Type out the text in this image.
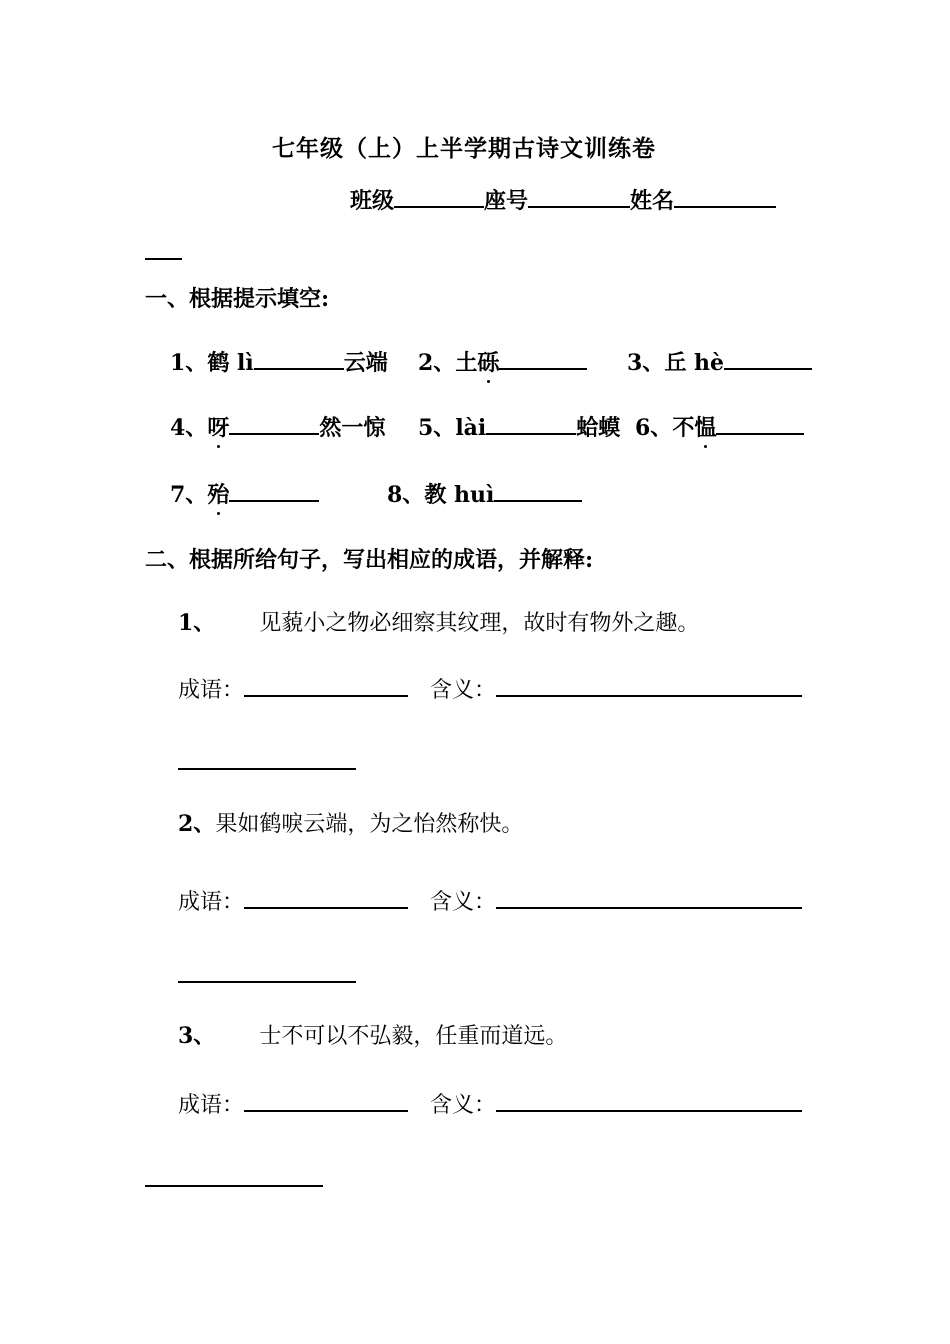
七年级（上）上半学期古诗文训练卷
班级	座号	姓名
一、根据提示填空:
1、鹤 lì	云端 2、土砾	3、丘 hè
4、呀	然一惊 5、lài	蛤蟆 6、不愠
7、殆	8、教 huì
二、根据所给句子，写出相应的成语，并解释:
1、 见藐小之物必细察其纹理，故时有物外之趣。
成语：	含义：
2、果如鹤唳云端，为之怡然称快。
成语：	含义：
3、 士不可以不弘毅，任重而道远。
成语：	含义：
